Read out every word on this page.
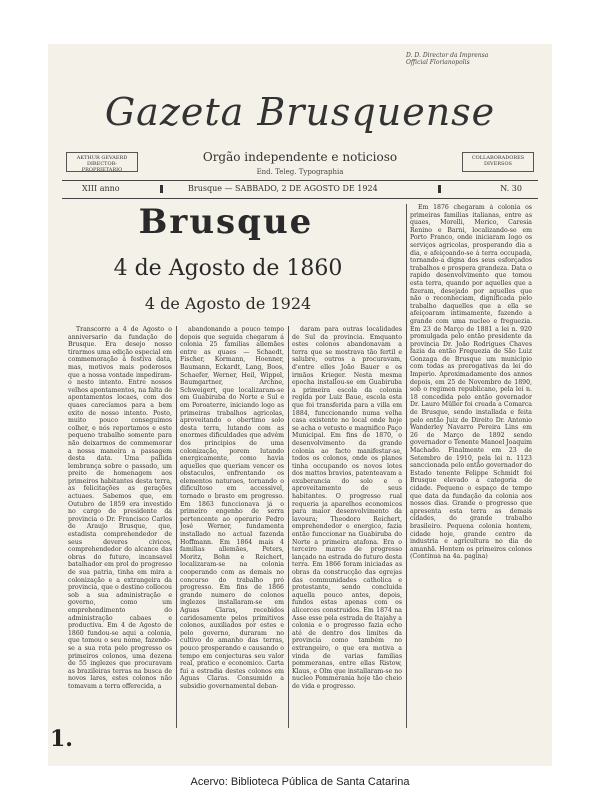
D. D. Director da Imprensa
Official Florianopolis
Gazeta Brusquense
AKTHUR GEVAERD
DIRECTOR-PROPRIETARIO
COLLABORADORES
DIVERSOS
Orgão independente e noticioso
End. Teleg. Typographia
XIII anno	Brusque — SABBADO, 2 DE AGOSTO DE 1924	N. 30
Brusque
4 de Agosto de 1860
4 de Agosto de 1924

Em 1876 chegaram á colonia os primeiras familias italianas, entre as quaes, Morelli, Merico, Caresia Renino e Barni, localizando-se em Porto Franco, onde iniciaram logo os serviços agricolas, prosperando dia a dia, e afeiçoando-se á terra occupada, tornando-a digna dos seus esforçados trabalhos e prospera grandeza. Data o rapido desenvolvimento que tomou esta terra, quando por aquelles que a fizeram, desejado por aquelles que não o reconheciam, dignificada pelo trabalho daquelles que a ella se afeiçoaram intimamente, fazendo a grande com uma nucleo e freguezia. Em 23 de Março de 1881 a lei n. 920 promulgada pelo então presidente da provincia Dr. João Rodrigues Chaves fazia da então Freguezia de São Luiz Gonzaga de Brusque um municipio com todas as prerogativas da lei do Imperio. Aproximadamente dos annos depois, em 25 de Novembro de 1890, sob o regimen republicano, pela lei n. 18 concedida pelo então governador Dr. Lauro Müller foi creada a Comarca de Brusque, sendo installada e feita pelo então Juiz de Direito Dr. Antonio Wanderley Navarro Pereira Lins em 26 de Março de 1892 sendo governador o Tenente Manoel Joaquim Machado. Finalmente em 23 de Setembro de 1910, pela lei n. 1123 sanccionada pelo então governador do Estado tenente Felippe Schmidt foi Brusque elevado a categoria de cidade. Pequeno o espaço de tempo que data da fundação da colonia aos nossos dias. Grande o progresso que apresenta esta terra as demais cidades, do grande trabalho brasileiro. Pequena colonia hontem, cidade hoje, grande centro da industria e agricultura no dia de amanhã. Hontem os primeiros colonos (Continua na 4a. pagina)

Transcorre a 4 de Agosto o anniversario da fundação de Brusque. Era desejo nosso tirarmos uma edição especial em commemoração á festiva data, mas, motivos mais poderosos que a nossa vontade impediram-o nesto intento. Entre nossos velhos apontamentos, na falta de apontamentos locaes, com dos quaes carecíamos para a bem exito de nosso intento. Posto, muito pouco conseguimos colher, e nós reportamos e este pequeno trabalho somente para não deixarmos de commemorar a nossa maneira a passagem desta data. Uma pallida lembrança sobre o passado, um preito de homenagem aos primeiros habitantes desta terra, as felicitações as gerações actuaes. Sabemos que, em Outubro de 1859 era investido no cargo de presidente da provincia o Dr. Francisco Carlos de Araujo Brusque, que, estadista comprehendedor de seus deveres civicos, comprehendedor do alcance das obras do futuro, incansavel batalhador em prol do progresso de sua patria, tinha em mira a colonização e a extrangeira da provincia, que o destino collocou sob a sua administração e governo, como um emprehendimento do administração cabaes e productiva. Em 4 de Agosto de 1860 fundou-se aqui a colonia, que tomou o seu nome, fazendo-se a sua rota pelo progresso os primeiros colonos, uma dezena de 55 inglezes que procuravam as brazileiras terras na busca de novos lares, estes colonos não tomavam a terra offerecida, a

abandonando a pouco tempo depois que seguida chegaram á colonia 25 familias allemães entre as quaes — Schaedt, Fischer, Kormann, Hoenner, Baumann, Eckardt, Lang, Boos, Schaefer, Werner, Heil, Wippel, Baumgartner, Archne, Schweigert, que localizaram-se em Guabiruba do Norte e Sul e em Poroaterre, iniciando logo as primeiras trabalhos agricolas, aproveitando o obertimo solo desta terra, lutando com as enormes dificuldades que advém dos principios de uma colonização, porem lutando energicamente, como havia aquelles que queriam vencer os obstaculos, enfrentando os elementos naturaes, tornando o dificultoso em accessivel, tornado o brasto em progresso. Em 1863 funccionava já o primeiro engenho de serra pertencente ao operario Pedro José Werner, fundamenta installado no actual fazenda Hoffmann. Em 1864 mais 4 familias allemães, Peters, Moritz, Bohn e Reichert, localizaram-se na colonia cooperando com as demais no concurso do trabalho pró progresso. Em fins de 1866 grande numero de colonos inglezes installaram-se em Aguas Claras, recebidos caridosamente pelos primitivos colonos, auxiliados por estes e pelo governo, duraram no cultivo do amanho das terras, pouco prosperando e causando o tempo em conjecturas seu valor real, pratico e economico. Carta fui a estradia destes colonos em Aguas Claras. Consumido a subsidio governamental deban-

daram para outras localidades de Sul da provincia. Emquanto estes colonos abandonavam a terra que se mostrava tão fertil e salubre, outros a procuravam, d'entre elles João Bauer e os irmãos Krieger. Nesta mesma epocha installou-se em Guabiruba a primeira escola da colonia regida por Luiz Baue, escola esta que foi transferida para a villa em 1884, funccionando numa velha casa existente no local onde hoje se acha o vetusto e magnifico Paço Municipal. Em fins de 1870, o desenvolvimento da grande colonia ao facto manifestar-se, todos os colonos, onde os planos tinha occupando os novos lotes dos mattos bravios, patenteavam a exuberancia do solo e o aproveitamento de seus habitantes. O progresso rual requeria ja aparelhos economicos para maior desenvolvimento da lavoura; Theodoro Reichert, emprehendedor e energico, fazia então funccionar na Guabiruba do Norte a primeira atafona. Era o terceiro marco de progresso lançado na estrada do futuro desta terra. Em 1866 foram iniciadas as obras da construcção das egrejas das communidades catholica e protestante, sendo concluida aquella pouco antes, depois, fundos estas apenas com os alicerces construidos. Em 1874 na Asse esse pela estrada de Itajahy a colonia e o progresso fazia echo até de dentro dos limites da provincia como também no extrangeiro, o que era motiva a vinda de varias familias pommeranas, entre ellas Ristow, Klaus, e Olm que installaram-se no nucleo Pommerania hoje tão cheio de vida e progresso.

1.
Acervo: Biblioteca Pública de Santa Catarina
